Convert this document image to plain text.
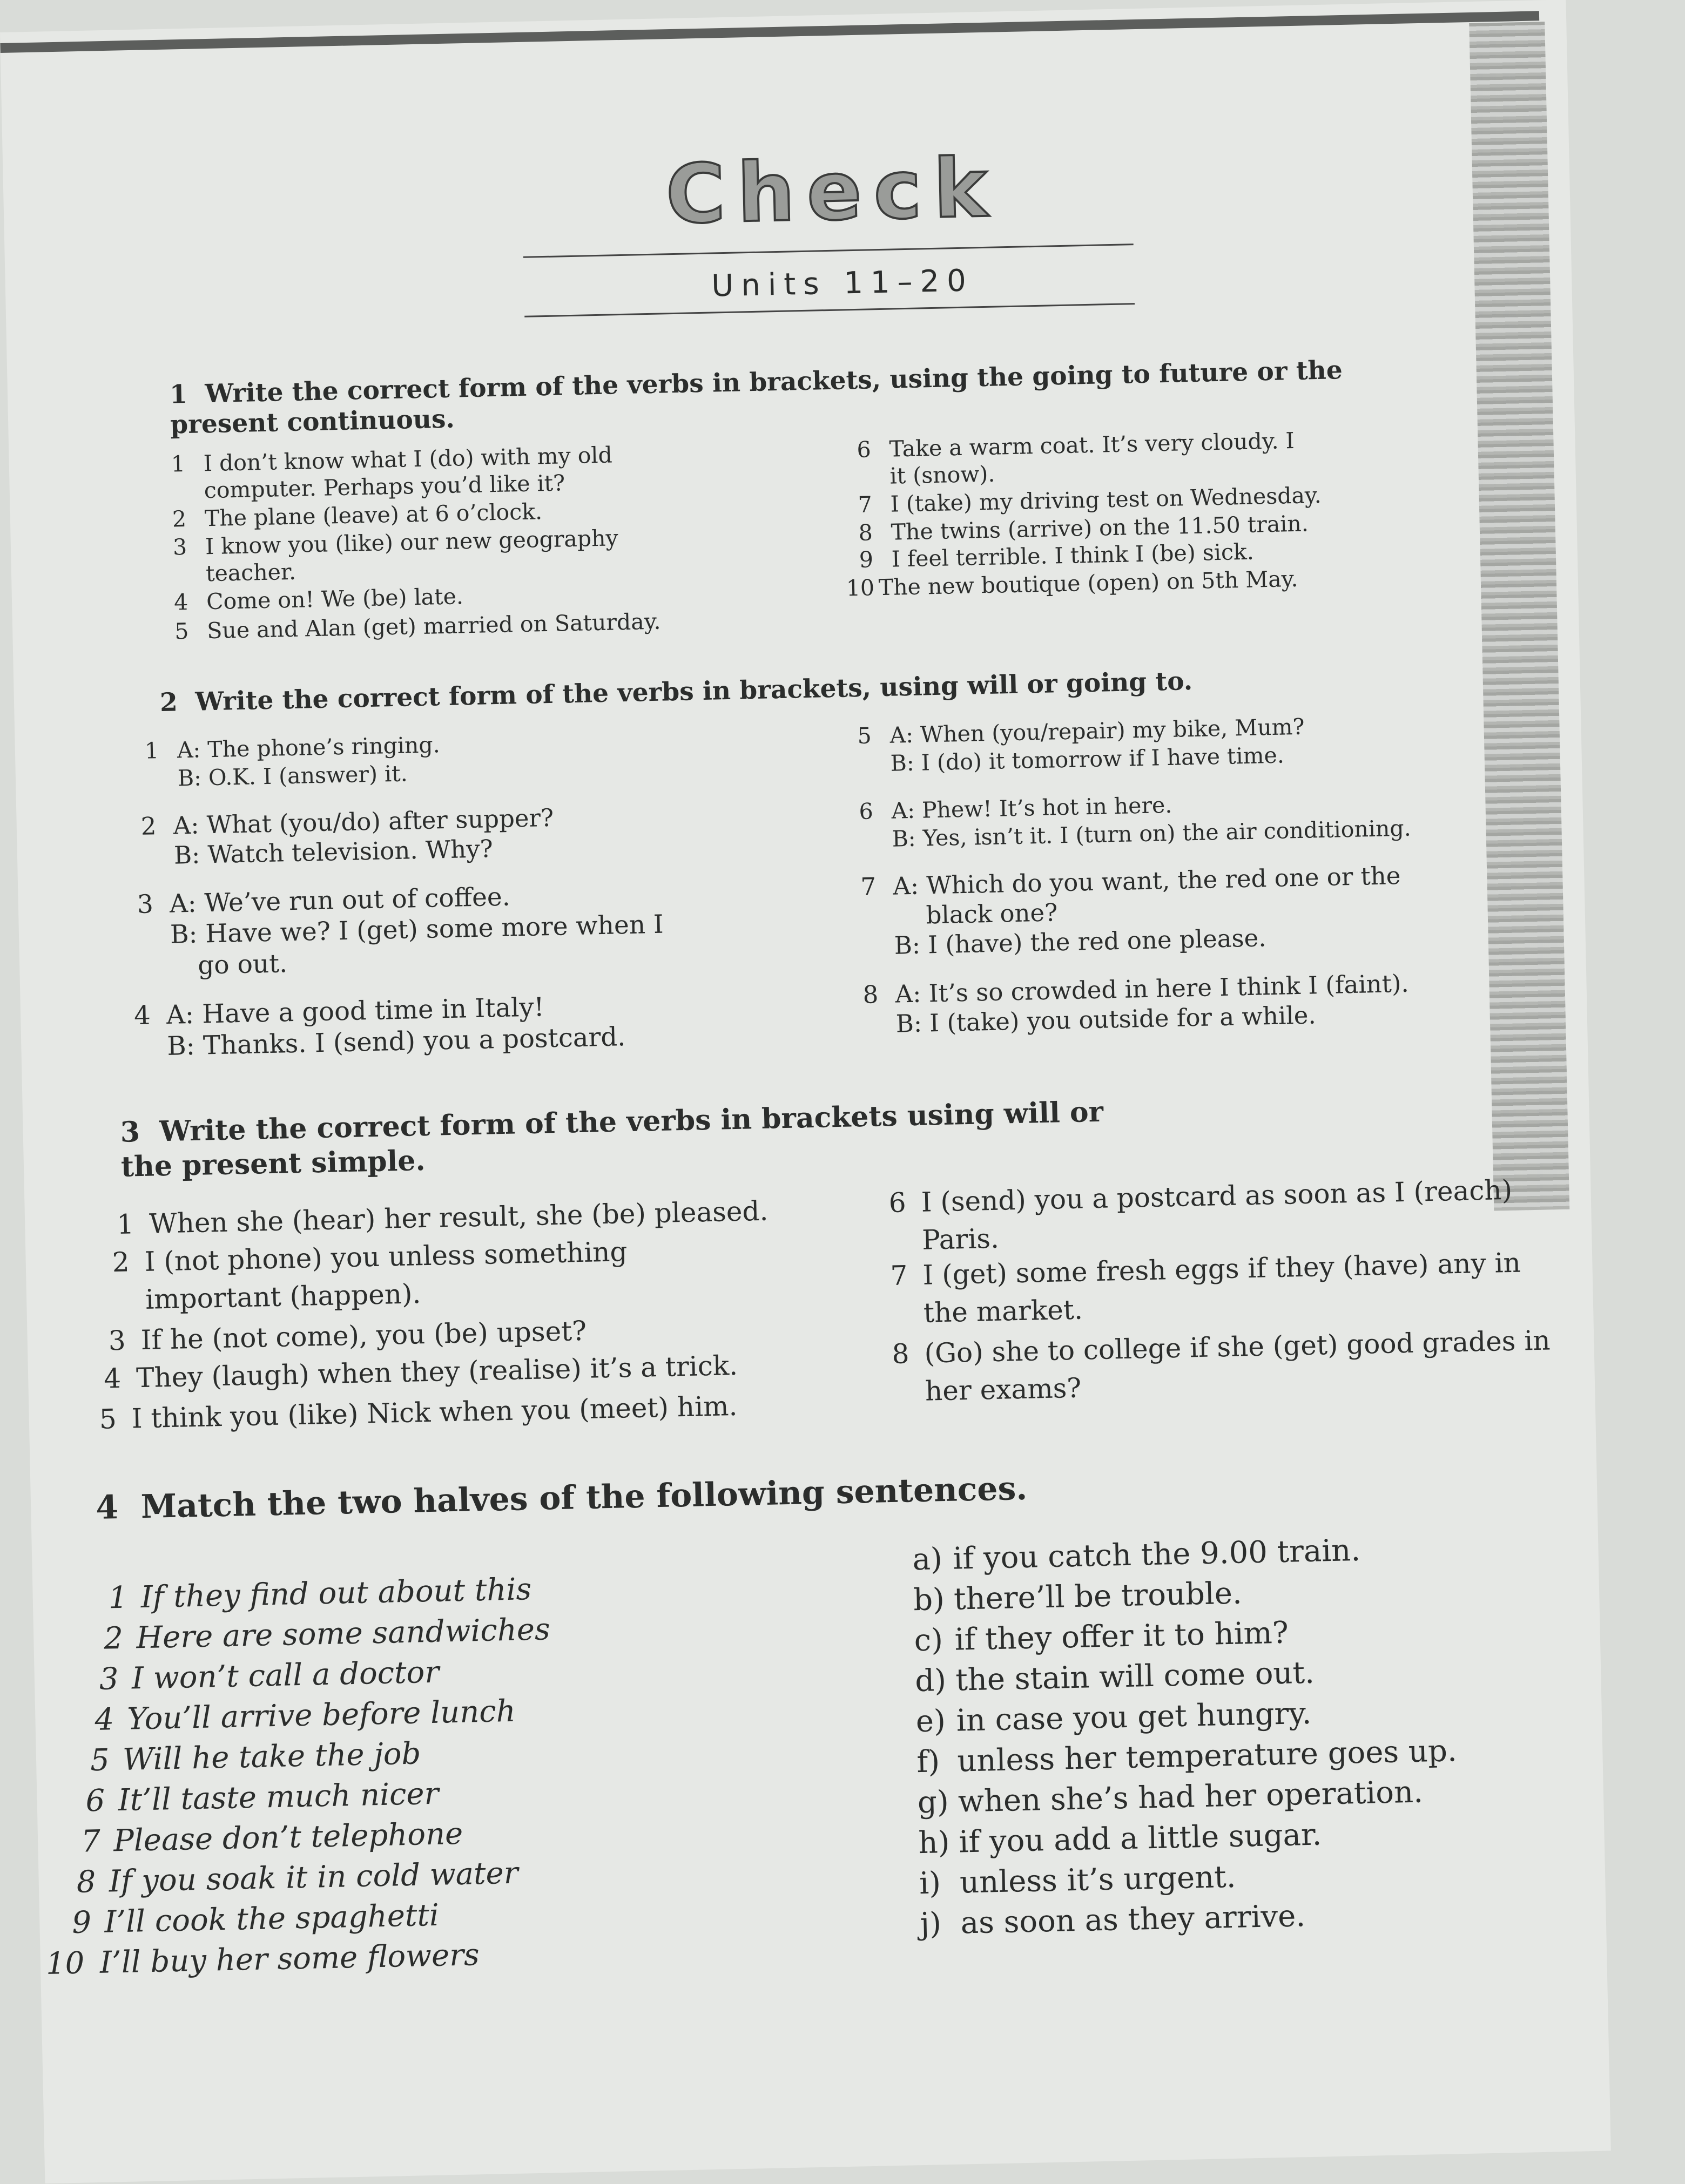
Check
Units 11–20
1 Write the correct form of the verbs in brackets, using the going to future or the present continuous.
1 I don’t know what I (do) with my old
computer. Perhaps you’d like it?
2 The plane (leave) at 6 o’clock.
3 I know you (like) our new geography
teacher.
4 Come on! We (be) late.
5 Sue and Alan (get) married on Saturday.
6 Take a warm coat. It’s very cloudy. I
it (snow).
7 I (take) my driving test on Wednesday.
8 The twins (arrive) on the 11.50 train.
9 I feel terrible. I think I (be) sick.
10 The new boutique (open) on 5th May.
2 Write the correct form of the verbs in brackets, using will or going to.
1 A: The phone’s ringing.
B: O.K. I (answer) it.
2 A: What (you/do) after supper?
B: Watch television. Why?
3 A: We’ve run out of coffee.
B: Have we? I (get) some more when I
go out.
4 A: Have a good time in Italy!
B: Thanks. I (send) you a postcard.
5 A: When (you/repair) my bike, Mum?
B: I (do) it tomorrow if I have time.
6 A: Phew! It’s hot in here.
B: Yes, isn’t it. I (turn on) the air conditioning.
7 A: Which do you want, the red one or the
black one?
B: I (have) the red one please.
8 A: It’s so crowded in here I think I (faint).
B: I (take) you outside for a while.
3 Write the correct form of the verbs in brackets using will or the present simple.
1 When she (hear) her result, she (be) pleased.
2 I (not phone) you unless something
important (happen).
3 If he (not come), you (be) upset?
4 They (laugh) when they (realise) it’s a trick.
5 I think you (like) Nick when you (meet) him.
6 I (send) you a postcard as soon as I (reach)
Paris.
7 I (get) some fresh eggs if they (have) any in
the market.
8 (Go) she to college if she (get) good grades in
her exams?
4 Match the two halves of the following sentences.
1 If they find out about this
2 Here are some sandwiches
3 I won’t call a doctor
4 You’ll arrive before lunch
5 Will he take the job
6 It’ll taste much nicer
7 Please don’t telephone
8 If you soak it in cold water
9 I’ll cook the spaghetti
10 I’ll buy her some flowers
a) if you catch the 9.00 train.
b) there’ll be trouble.
c) if they offer it to him?
d) the stain will come out.
e) in case you get hungry.
f) unless her temperature goes up.
g) when she’s had her operation.
h) if you add a little sugar.
i) unless it’s urgent.
j) as soon as they arrive.
